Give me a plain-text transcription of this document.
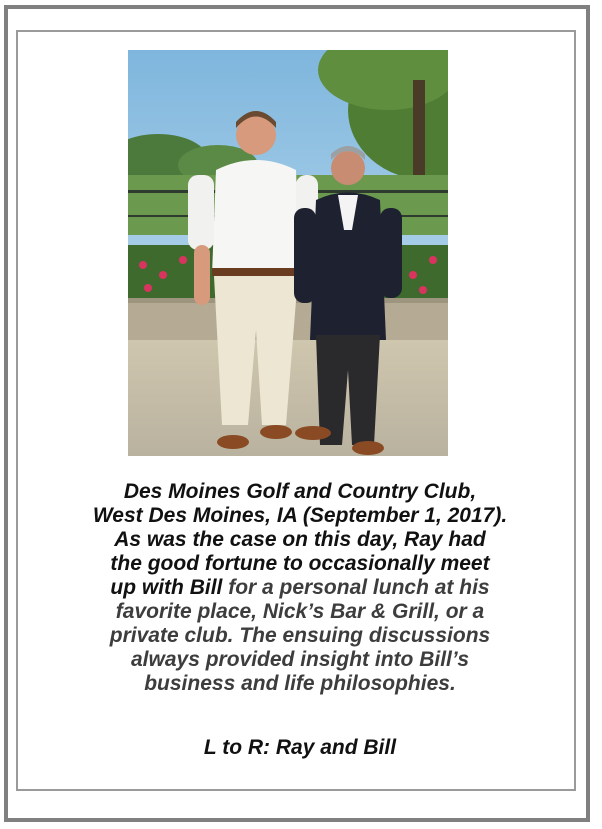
Des Moines Golf and Country Club,
West Des Moines, IA (September 1, 2017).
As was the case on this day, Ray had
the good fortune to occasionally meet
up with Bill for a personal lunch at his
favorite place, Nick’s Bar & Grill, or a
private club. The ensuing discussions
always provided insight into Bill’s
business and life philosophies.
L to R: Ray and Bill
